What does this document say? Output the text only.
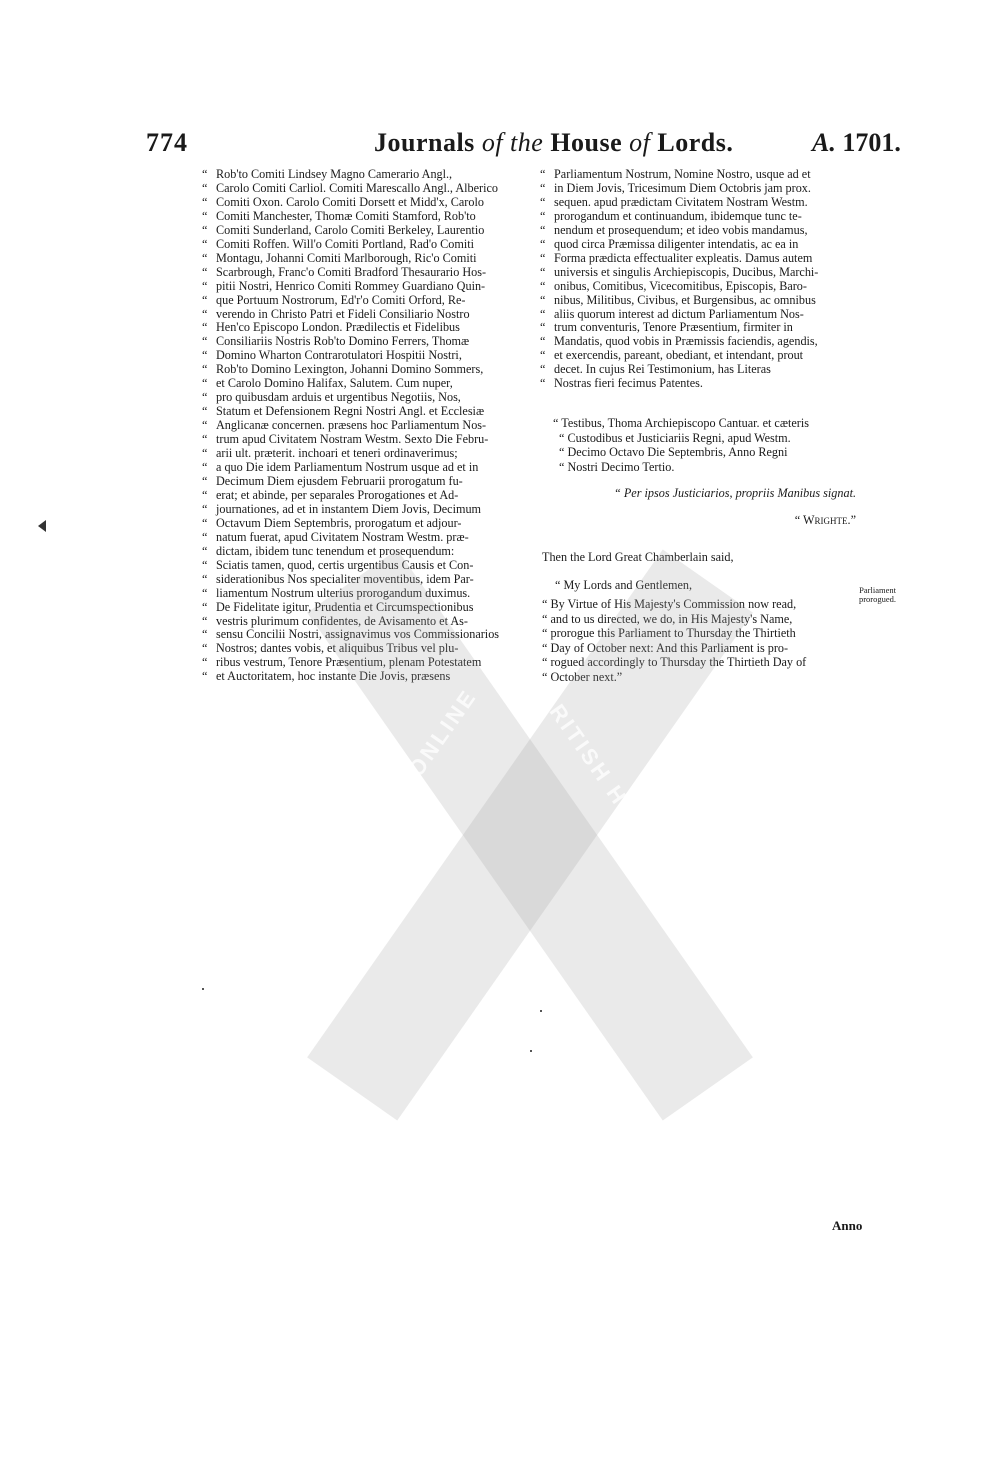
774	Journals of the House of Lords.	A. 1701.

“ Rob'to Comiti Lindsey Magno Camerario Angl.,

“ Carolo Comiti Carliol. Comiti Marescallo Angl., Alberico

“ Comiti Oxon. Carolo Comiti Dorsett et Midd'x, Carolo

“ Comiti Manchester, Thomæ Comiti Stamford, Rob'to

“ Comiti Sunderland, Carolo Comiti Berkeley, Laurentio

“ Comiti Roffen. Will'o Comiti Portland, Rad'o Comiti

“ Montagu, Johanni Comiti Marlborough, Ric'o Comiti

“ Scarbrough, Franc'o Comiti Bradford Thesaurario Hos-

“ pitii Nostri, Henrico Comiti Rommey Guardiano Quin-

“ que Portuum Nostrorum, Ed'r'o Comiti Orford, Re-

“ verendo in Christo Patri et Fideli Consiliario Nostro

“ Hen'co Episcopo London. Prædilectis et Fidelibus

“ Consiliariis Nostris Rob'to Domino Ferrers, Thomæ

“ Domino Wharton Contrarotulatori Hospitii Nostri,

“ Rob'to Domino Lexington, Johanni Domino Sommers,

“ et Carolo Domino Halifax, Salutem. Cum nuper,

“ pro quibusdam arduis et urgentibus Negotiis, Nos,

“ Statum et Defensionem Regni Nostri Angl. et Ecclesiæ

“ Anglicanæ concernen. præsens hoc Parliamentum Nos-

“ trum apud Civitatem Nostram Westm. Sexto Die Febru-

“ arii ult. præterit. inchoari et teneri ordinaverimus;

“ a quo Die idem Parliamentum Nostrum usque ad et in

“ Decimum Diem ejusdem Februarii prorogatum fu-

“ erat; et abinde, per separales Prorogationes et Ad-

“ journationes, ad et in instantem Diem Jovis, Decimum

“ Octavum Diem Septembris, prorogatum et adjour-

“ natum fuerat, apud Civitatem Nostram Westm. præ-

“ dictam, ibidem tunc tenendum et prosequendum:

“ Sciatis tamen, quod, certis urgentibus Causis et Con-

“ siderationibus Nos specialiter moventibus, idem Par-

“ liamentum Nostrum ulterius prorogandum duximus.

“ De Fidelitate igitur, Prudentia et Circumspectionibus

“ vestris plurimum confidentes, de Avisamento et As-

“ sensu Concilii Nostri, assignavimus vos Commissionarios

“ Nostros; dantes vobis, et aliquibus Tribus vel plu-

“ ribus vestrum, Tenore Præsentium, plenam Potestatem

“ et Auctoritatem, hoc instante Die Jovis, præsens

“ Parliamentum Nostrum, Nomine Nostro, usque ad et

“ in Diem Jovis, Tricesimum Diem Octobris jam prox.

“ sequen. apud prædictam Civitatem Nostram Westm.

“ prorogandum et continuandum, ibidemque tunc te-

“ nendum et prosequendum; et ideo vobis mandamus,

“ quod circa Præmissa diligenter intendatis, ac ea in

“ Forma prædicta effectualiter expleatis. Damus autem

“ universis et singulis Archiepiscopis, Ducibus, Marchi-

“ onibus, Comitibus, Vicecomitibus, Episcopis, Baro-

“ nibus, Militibus, Civibus, et Burgensibus, ac omnibus

“ aliis quorum interest ad dictum Parliamentum Nos-

“ trum conventuris, Tenore Præsentium, firmiter in

“ Mandatis, quod vobis in Præmissis faciendis, agendis,

“ et exercendis, pareant, obediant, et intendant, prout

“ decet. In cujus Rei Testimonium, has Literas

“ Nostras fieri fecimus Patentes.

“ Testibus, Thoma Archiepiscopo Cantuar. et cæteris
“ Custodibus et Justiciariis Regni, apud Westm.
“ Decimo Octavo Die Septembris, Anno Regni
“ Nostri Decimo Tertio.
“ Per ipsos Justiciarios, propriis Manibus signat.
“ Wrighte.”
Then the Lord Great Chamberlain said,
“ My Lords and Gentlemen,
“ By Virtue of His Majesty's Commission now read,
“ and to us directed, we do, in His Majesty's Name,
“ prorogue this Parliament to Thursday the Thirtieth
“ Day of October next: And this Parliament is pro-
“ rogued accordingly to Thursday the Thirtieth Day of
“ October next.”
Parliament
prorogued.
Anno
BRITISH HISTORY ONLINE BRITISH HISTORY ONLINE
